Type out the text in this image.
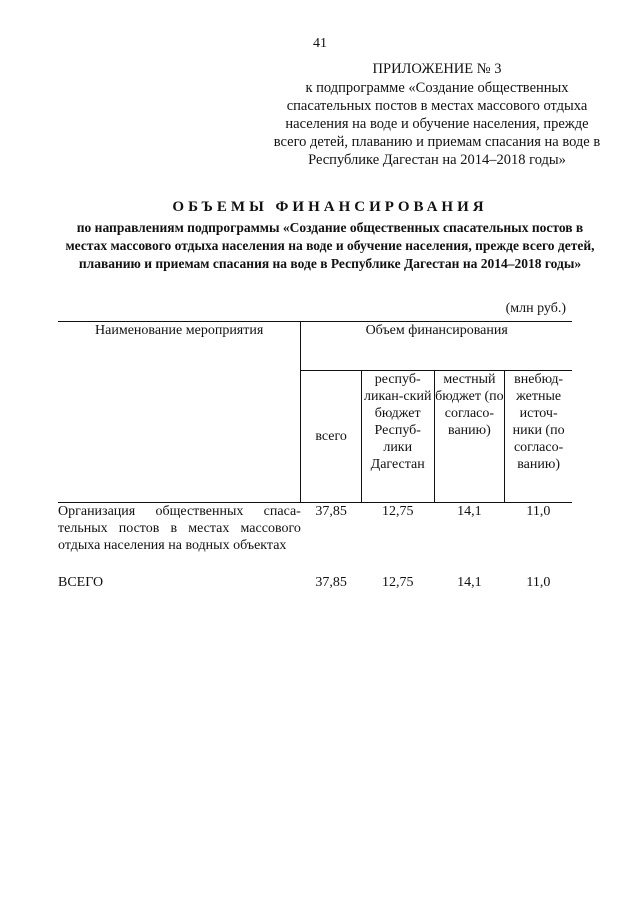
41
ПРИЛОЖЕНИЕ № 3
к подпрограмме «Создание общественных спасательных постов в местах массового отдыха населения на воде и обучение населения, прежде всего детей, плаванию и приемам спасания на воде в Республике Дагестан на 2014–2018 годы»
ОБЪЕМЫ ФИНАНСИРОВАНИЯ
по направлениям подпрограммы «Создание общественных спасательных постов в местах массового отдыха населения на воде и обучение населения, прежде всего детей, плаванию и приемам спасания на воде в Республике Дагестан на 2014–2018 годы»
(млн руб.)
Наименование мероприятия	Объем финансирования			
	всего	респуб-ликан-ский бюджет Респуб-лики Дагестан	местный бюджет (по согласо-ванию)	внебюд-жетные источ-ники (по согласо-ванию)
Организация общественных спаса-тельных постов в местах массового отдыха населения на водных объектах	37,85	12,75	14,1	11,0
ВСЕГО	37,85	12,75	14,1	11,0
